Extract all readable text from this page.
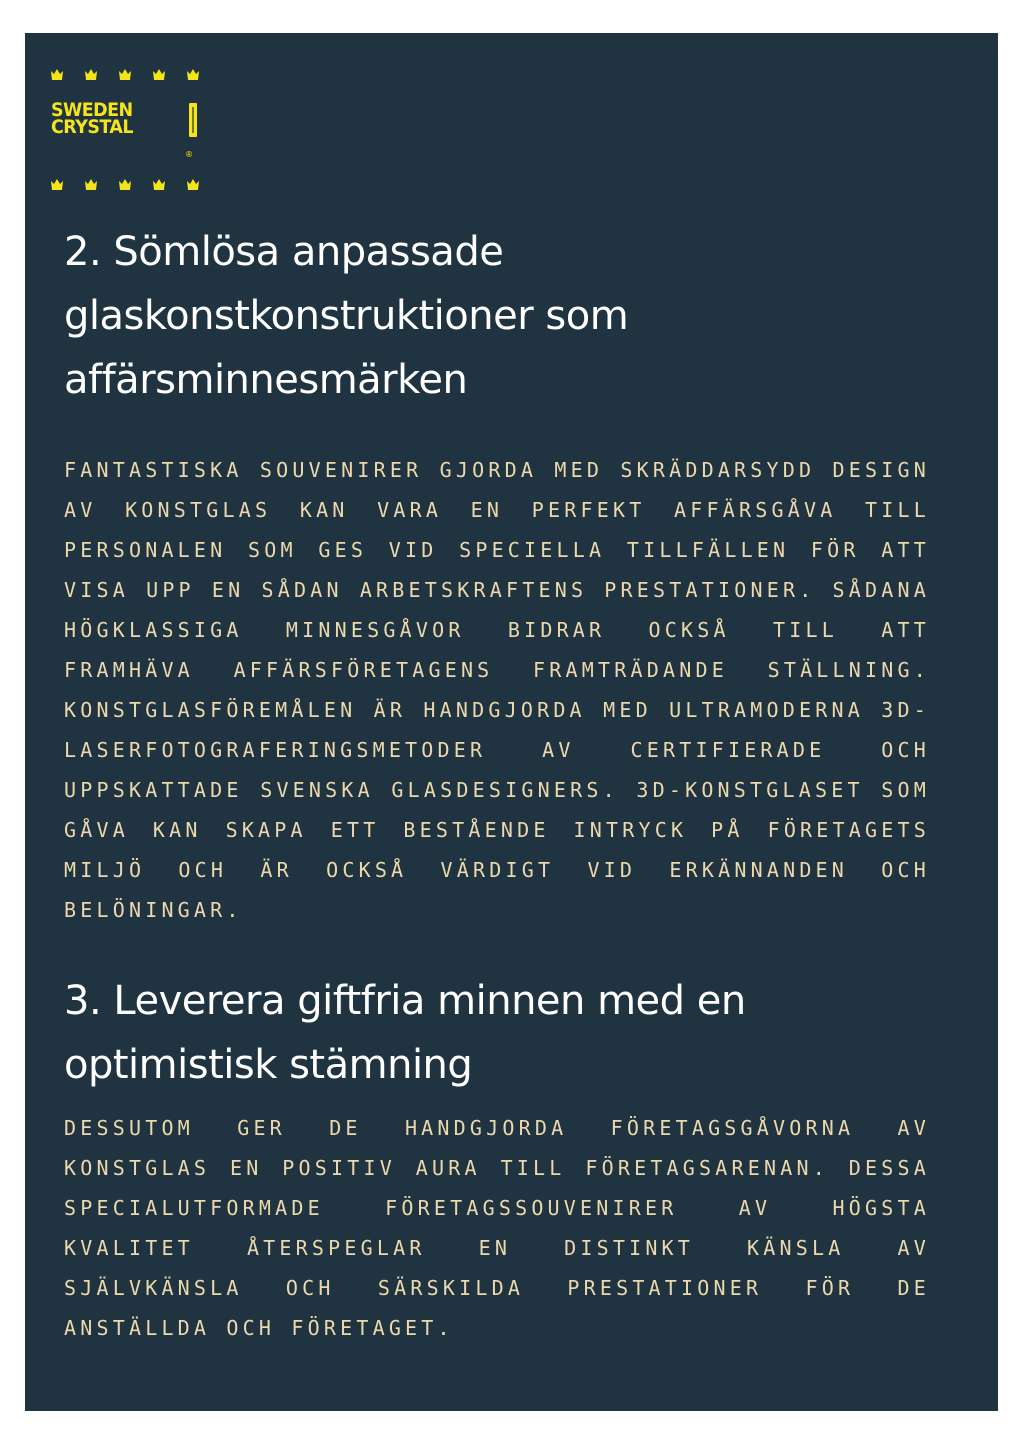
SWEDEN
CRYSTAL
®
2. Sömlösa anpassade glaskonstkonstruktioner som affärsminnesmärken

FANTASTISKA SOUVENIRER GJORDA MED SKRÄDDARSYDD DESIGN AV KONSTGLAS KAN VARA EN PERFEKT AFFÄRSGÅVA TILL PERSONALEN SOM GES VID SPECIELLA TILLFÄLLEN FÖR ATT VISA UPP EN SÅDAN ARBETSKRAFTENS PRESTATIONER. SÅDANA HÖGKLASSIGA MINNESGÅVOR BIDRAR OCKSÅ TILL ATT FRAMHÄVA AFFÄRSFÖRETAGENS FRAMTRÄDANDE STÄLLNING. KONSTGLASFÖREMÅLEN ÄR HANDGJORDA MED ULTRAMODERNA 3D-LASERFOTOGRAFERINGSMETODER AV CERTIFIERADE OCH UPPSKATTADE SVENSKA GLASDESIGNERS. 3D-KONSTGLASET SOM GÅVA KAN SKAPA ETT BESTÅENDE INTRYCK PÅ FÖRETAGETS MILJÖ OCH ÄR OCKSÅ VÄRDIGT VID ERKÄNNANDEN OCH BELÖNINGAR.

3. Leverera giftfria minnen med en optimistisk stämning

DESSUTOM GER DE HANDGJORDA FÖRETAGSGÅVORNA AV KONSTGLAS EN POSITIV AURA TILL FÖRETAGSARENAN. DESSA SPECIALUTFORMADE FÖRETAGSSOUVENIRER AV HÖGSTA KVALITET ÅTERSPEGLAR EN DISTINKT KÄNSLA AV SJÄLVKÄNSLA OCH SÄRSKILDA PRESTATIONER FÖR DE ANSTÄLLDA OCH FÖRETAGET.
